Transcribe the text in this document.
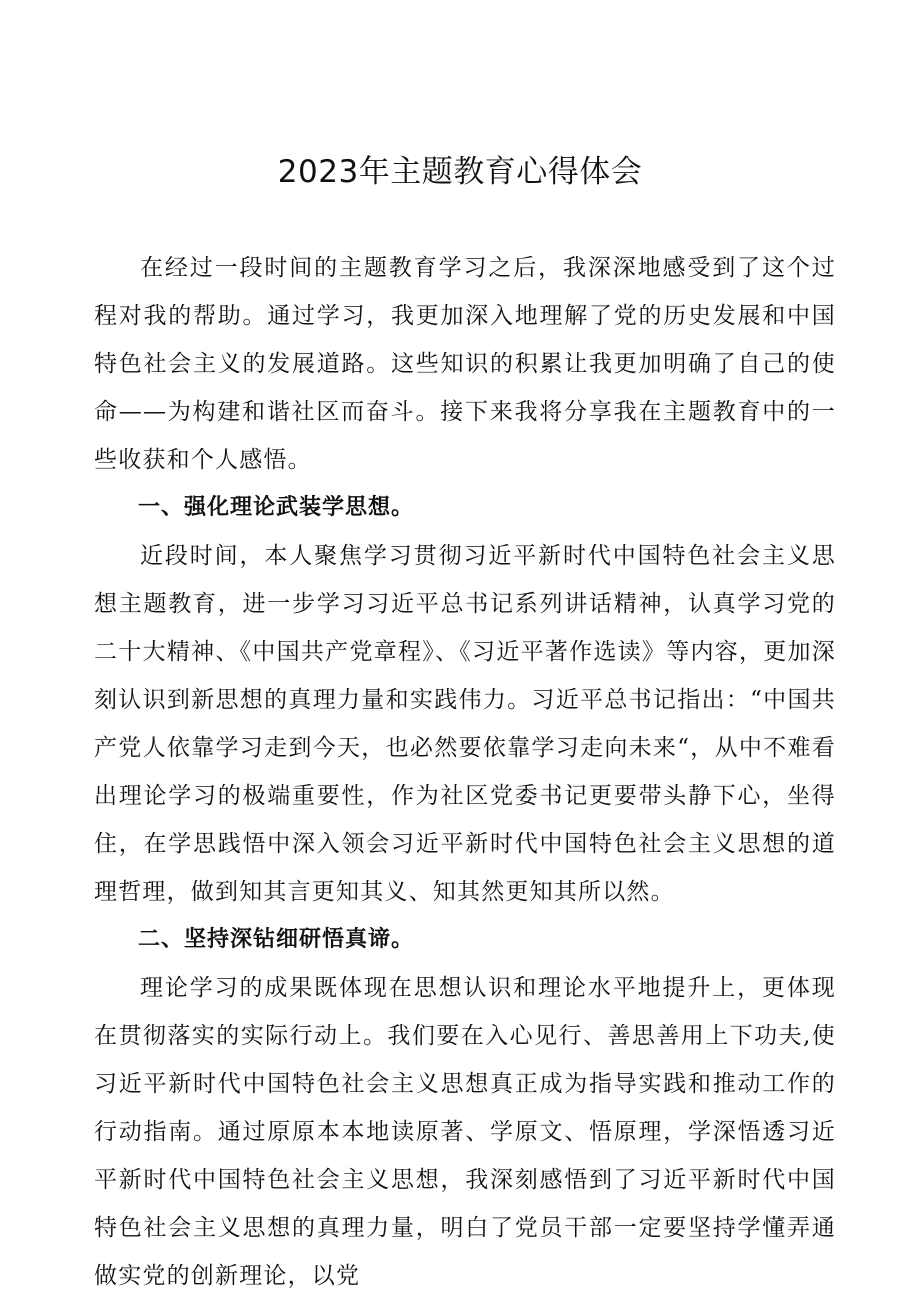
2023年主题教育心得体会

在经过一段时间的主题教育学习之后，我深深地感受到了这个过程对我的帮助。通过学习，我更加深入地理解了党的历史发展和中国特色社会主义的发展道路。这些知识的积累让我更加明确了自己的使命——为构建和谐社区而奋斗。接下来我将分享我在主题教育中的一些收获和个人感悟。

一、强化理论武装学思想。

近段时间，本人聚焦学习贯彻习近平新时代中国特色社会主义思想主题教育，进一步学习习近平总书记系列讲话精神，认真学习党的二十大精神、《中国共产党章程》、《习近平著作选读》等内容，更加深刻认识到新思想的真理力量和实践伟力。习近平总书记指出：“中国共产党人依靠学习走到今天，也必然要依靠学习走向未来“，从中不难看出理论学习的极端重要性，作为社区党委书记更要带头静下心，坐得住，在学思践悟中深入领会习近平新时代中国特色社会主义思想的道理哲理，做到知其言更知其义、知其然更知其所以然。

二、坚持深钻细研悟真谛。

理论学习的成果既体现在思想认识和理论水平地提升上，更体现在贯彻落实的实际行动上。我们要在入心见行、善思善用上下功夫,使习近平新时代中国特色社会主义思想真正成为指导实践和推动工作的行动指南。通过原原本本地读原著、学原文、悟原理，学深悟透习近平新时代中国特色社会主义思想，我深刻感悟到了习近平新时代中国特色社会主义思想的真理力量，明白了党员干部一定要坚持学懂弄通做实党的创新理论，以党
